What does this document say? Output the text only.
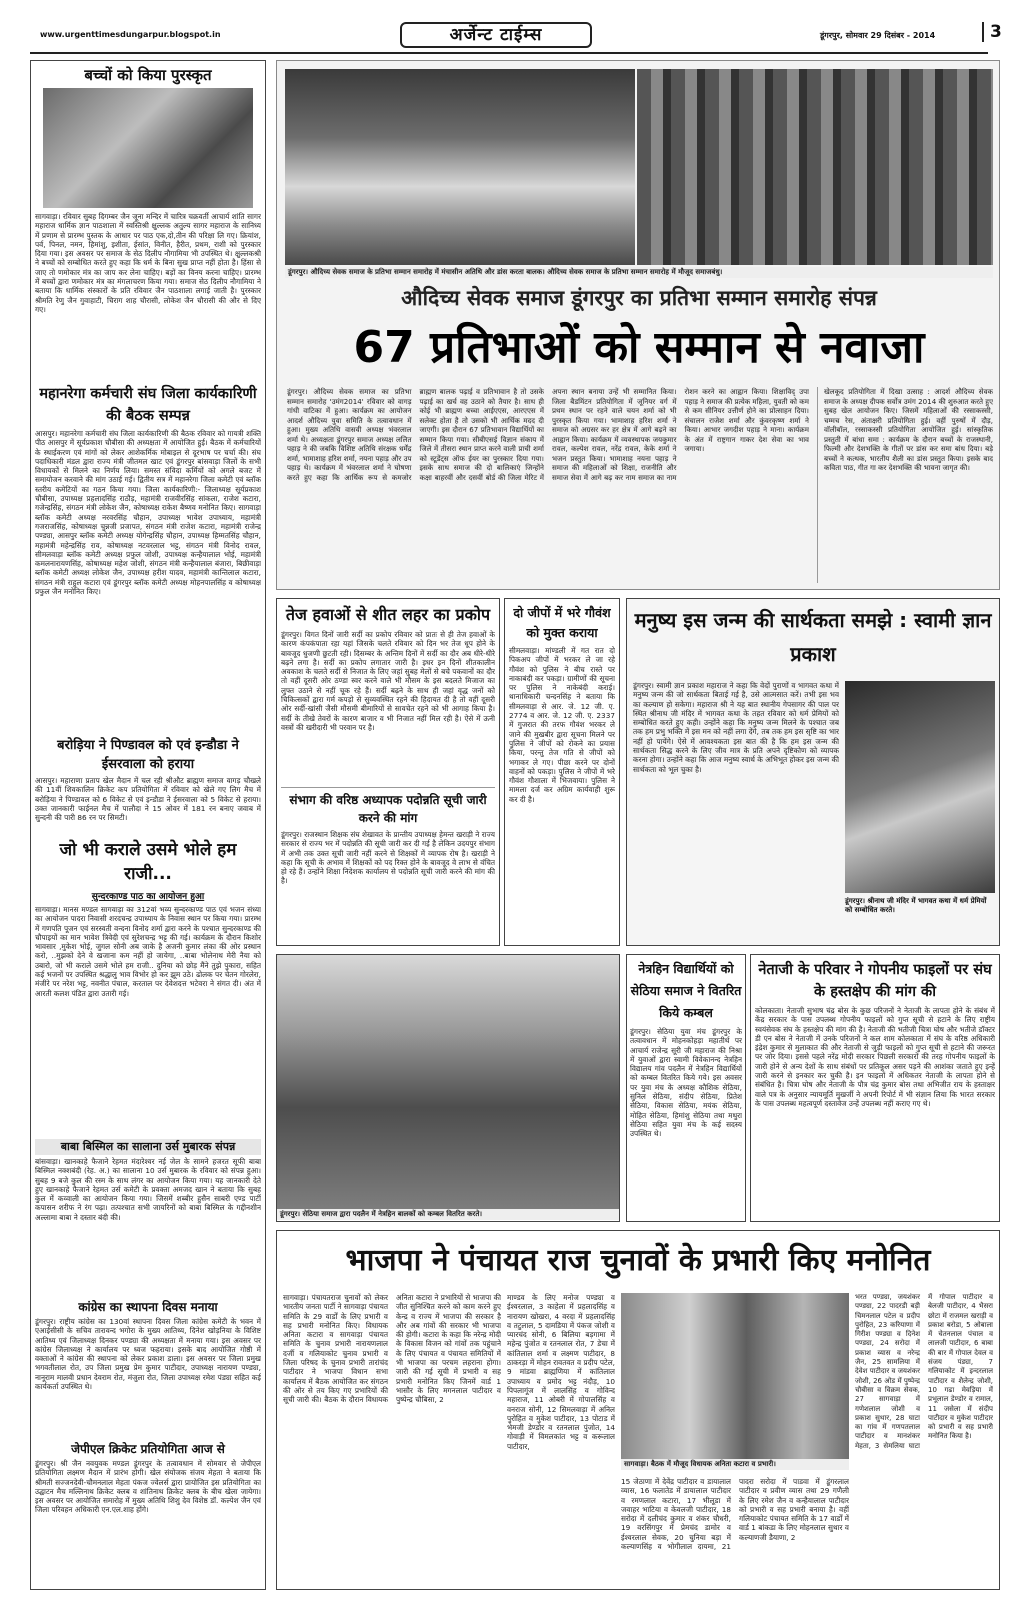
www.urgenttimesdungarpur.blogspot.in	अर्जेन्ट टाईम्स	डूंगरपुर, सोमवार 29 दिसंबर - 2014	3
बच्चों को किया पुरस्कृत
सागवाड़ा। रविवार सुबह दिगम्बर जैन जूना मन्दिर में चारित्र चक्रवर्ती आचार्य शांति सागर महाराज धार्मिक ज्ञान पाठशाला में स्वस्तिश्री क्षुल्लक अतुल्य सागर महाराज के सानिध्य में प्रणाम से प्रारम्भ पुस्तक के आधार पर पाठ एक,दो,तीन की परिक्षा लि गए। क्रियांश, पर्व, पिनल, नमन, हिमांशु, इशीता, ईसांत, विनीत, हैरीत, प्रथम, राशी को पुरस्कार दिया गया। इस अवसर पर समाज के सेठ दिलीप नौगामिया भी उपस्थित थे। क्षुल्लकश्री ने बच्चों को सम्बोधित करते हुए कहा कि धर्म के बिना सुख प्राप्त नहीं होता है। हिंसा से जाए तो णमोकार मंत्र का जाप कर लेना चाहिए। बड़ों का विनय करना चाहिए। प्रारम्भ में बच्चों द्वारा णमोकार मंत्र का मंगलाचरण किया गया। समाज सेठ दिलीप नौगामिया ने बताया कि धार्मिक संस्कारों के प्रति रविवार जैन पाठशाला लगाई जाती है। पुरस्कार श्रीमति रेणु जैन गुवाहाटी, चिराग शाह चौरासी, लोकेश जैन चौरासी की और से दिए गए।
महानरेगा कर्मचारी संघ जिला कार्यकारिणी की बैठक सम्पन्न
आसपुर। महानरेगा कर्मचारी संघ जिला कार्यकारिणी की बैठक रविवार को गायत्री शक्ति पीठ आसपुर में सूर्यप्रकाश चौबीसा की अध्यक्षता में आयोजित हुई। बैठक में कर्मचारियों के स्थाईकरण एवं मांगों को लेकर आशेकर्मिक मोबाइल से दूरभाष पर चर्चा की। संघ पदाधिकारी मंडल द्वारा राज्य मंत्री जीतमल खाट एवं डूंगरपुर बांसवाड़ा जिलों के सभी विधायकों से मिलने का निर्णय लिया। समस्त संविदा कर्मियों को अगले बजट में समायोजन करवाने की मांग उठाई गई। द्वितीय सत्र में महानरेगा जिला कमेटी एवं ब्लॉक स्तरीय कमेटियों का गठन किया गया। जिला कार्यकारिणी:- जिलाध्यक्ष सूर्यप्रकाश चौबीसा, उपाध्यक्ष प्रहलादसिंह राठौड़, महामंत्री राजवीरसिंह सांकला, राजेश कटारा, गजेन्द्रसिंह, संगठन मंत्री लोकेश जैन, कोषाध्यक्ष राकेश बैष्णव मनोनित किए। सागवाड़ा ब्लॉक कमेटी अध्यक्ष नरवरसिंह चौहान, उपाध्यक्ष भावेश उपाध्याय, महामंत्री गजराजसिंह, कोषाध्यक्ष चुन्नजी प्रजापत, संगठन मंत्री राजेश कटारा, महामंत्री राजेन्द्र पण्ड्या, आसपुर ब्लॉक कमेटी अध्यक्ष योगेन्द्रसिंह चौहान, उपाध्यक्ष हिम्मतसिंह चौहान, महामंत्री महेन्द्रसिंह राव, कोषाध्यक्ष नटवरलाल भट्ट, संगठन मंत्री विनोद रावल, सीमलवाड़ा ब्लॉक कमेटी अध्यक्ष प्रफुल जोशी, उपाध्यक्ष कन्हैयालाल भोई, महामंत्री कमलनारायणसिंह, कोषाध्यक्ष महेश जोशी, संगठन मंत्री कन्हैयालाल बंजारा, बिछीवाड़ा ब्लॉक कमेटी अध्यक्ष लोकेश जैन, उपाध्यक्ष हरीश यादव, महामंत्री कान्तिलाल कटारा, संगठन मंत्री राहुल कटारा एवं डूंगरपुर ब्लॉक कमेटी अध्यक्ष मोहनपालसिंह व कोषाध्यक्ष प्रफुल जैन मनोनित किए।
बरोड़िया ने पिण्डावल को एवं इन्डौडा ने ईसरवाला को हराया
आसपुर। महाराणा प्रताप खेल मैदान में चल रही श्रीऔट ब्राह्मण समाज वागड़ चौखले की 11वीं शिवकालिन क्रिकेट कप प्रतियोगिता में रविवार को खेले गए लिग मैच में बरोड़िया ने पिण्डावल को 6 विकेट से एवं इन्डौडा ने ईसरवाला को 5 विकेट से हराया। उक्त जानकारी फाईनल मैच में पालौदा ने 15 ओवर में 181 रन बनाए जवाब में सुन्दनी की पारी 86 रन पर सिमटी।
जो भी कराले उसमे भोले हम राजी...
सुन्दरकाण्ड पाठ का आयोजन हुआ
सागवाड़ा। मानस मण्डल सागवाड़ा का 312वां भव्य सुन्दरकाण्ड पाठ एवं भजन संध्या का आयोजन पादरा निवासी शरदचन्द्र उपाध्याय के निवास स्थान पर किया गया। प्रारम्भ में गणपति पूजन एवं सरस्वती वन्दना विनोद शर्मा द्वारा करने के पश्चात सुन्दरकाण्ड की चौपाइयों का मान भावेश त्रिवेदी एवं सुरेशचन्द्र भट्ट की गई। कार्यक्रम के दौरान किशोर भावसार ,मुकेश भोई, जुगल सोनी अब जाके है अजनी कुमार लंका की ओर प्रस्थान करो, ..मुझको देने वे खजाना कम नहीं हो जायेगा, ..बाबा भोलेनाथ मेरी नैया को उबारो, जो भी कराले उसमे भोले हम राजी.. दुनिया को छोड़ मैंने तुझे पुकारा, सहित कई भजनों पर उपस्थित श्रद्धालु भाव विभोर हो कर झूम उठे। ढोलक पर चेतन गोरलेरा, मंजीरे पर नरेश भट्ट, नवनीत पंचाल, करताल पर देवेशदत्त भटेवरा ने संगत दी। अंत में आरती कलश पंडित द्वारा उतारी गई।
बाबा बिस्मिल का सालाना उर्स मुबारक संपन्न
बांसवाड़ा। खानकाहे फैजाने रेहमत मंदारेश्वर नई जेल के सामने हजरत सूफी बाबा बिस्मिल नक्शबंदी (रेह. अ.) का सालाना 10 उर्स मुबारक के रविवार को संपन्न हुआ। सुबह 9 बजे कुल की रस्म के साथ लंगर का आयोजन किया गया। यह जानकारी देते हुए खानकाहे फैजाने रेहमत उर्स कमेटी के प्रवक्ता अमजद खान ने बताया कि सुबह कुल में कव्वाली का आयोजन किया गया। जिसमें शब्बीर हुसैन साबरी एण्ड पार्टी कपासन शरीफ ने रंग पढ़ा। तत्पश्चात सभी जायरिनों को बाबा बिस्मिल के गद्दीनशीन अल्लामा बाबा ने दस्तार बंदी की।
कांग्रेस का स्थापना दिवस मनाया
डूंगरपुर। राष्ट्रीय कांग्रेस का 130वां स्थापना दिवस जिला कांग्रेस कमेटी के भवन में एआईसीसी के सचिव तारावन्द भगोरा के मुख्य आतिथ्य, दिनेश खोड़निया के विशिष्ट आतिथ्य एवं जिलाध्यक्ष दिनकर पण्ड्या की अध्यक्षता में मनाया गया। इस अवसर पर कांग्रेस जिलाध्यक्ष ने कार्यालय पर ध्वज फहराया। इसके बाद आयोजित गोष्ठी में वक्ताओं ने कांग्रेस की स्थापना को लेकर प्रकाश डाला। इस अवसर पर जिला प्रमुख भगवतीलाल रोत, उप जिला प्रमुख प्रेम कुमार पाटीदार, उपाध्यक्ष नारायण पण्ड्या, नानूराम मालवी प्रधान देवराम रोत, मंजुला रोत, जिला उपाध्यक्ष रमेश पंड्या सहित कई कार्यकर्ता उपस्थित थे।
जेपीएल क्रिकेट प्रतियोगिता आज से
डूंगरपुर। श्री जैन नवयुवक मण्डल डूंगरपुर के तत्वावधान में सोमवार से जेपीएल प्रतियोगिता लक्ष्मण मैदान में प्रारंभ होगी। खेल संयोजक संजय मेहता ने बताया कि श्रीमती सज्जनदेवी-चौमनलाल मेहता पंकज ज्वेलर्स द्वारा प्रायोजित इस प्रतियोगिता का उद्घाटन मैच मल्लिनाथ क्रिकेट क्लब व शांतिनाथ क्रिकेट क्लब के बीच खेला जायेगा। इस अवसर पर आयोजित समारोह में मुख्य अतिथि शिशु देव विशेष्ठ डॉ. कल्पेश जैन एवं जिला परिवहन अधिकारी एन.एल.शाह होंगे।
डूंगरपुर। औदिच्य सेवक समाज के प्रतिभा सम्मान समारोह में मंचासीन अतिथि और डांस करता बालक। औदिच्य सेवक समाज के प्रतिभा सम्मान समारोह में मौजूद समाजबंधु।
औदिच्य सेवक समाज डूंगरपुर का प्रतिभा सम्मान समारोह संपन्न
67 प्रतिभाओं को सम्मान से नवाजा
डूंगरपुर। औदिच्य सेवक समाज का प्रतिभा सम्मान समारोह 'उमंग2014' रविवार को वागड़ गांधी वाटिका में हुआ। कार्यक्रम का आयोजन आदर्श औदिच्य युवा समिति के तत्वावधान में हुआ। मुख्य अतिथि वासवी अध्यक्ष भंवरलाल शर्मा थे। अध्यक्षता डूंगरपुर समाज अध्यक्ष ललित पहाड़ ने की जबकि विशिष्ट अतिथि संरक्षक धर्मेंद्र शर्मा, भामाशाह हरिश शर्मा, नयना पहाड़ और उप पहाड़ थे। कार्यक्रम में भंवरलाल शर्मा ने घोषणा करते हुए कहा कि आर्थिक रूप से कमजोर ब्राह्मण बालक पढ़ाई व प्रतिभावान है तो उसके पढ़ाई का खर्च वह उठाने को तैयार है। साथ ही कोई भी ब्राह्मण बच्चा आईएएस, आरएएस में सलेक्ट होता है तो उसको भी आर्थिक मदद दी जाएगी। इस दौरान 67 प्रतिभावान विद्यार्थियों का सम्मान किया गया। सीबीएसई विज्ञान संकाय में जिले में तीसरा स्थान प्राप्त करने वाली प्राची शर्मा को स्टूडेंट्स ऑफ ईयर का पुरस्कार दिया गया। इसके साथ समाज की दो बालिकाएं जिन्होंने कक्षा बाहरवीं और दसवीं बोर्ड की जिला मेरिट में अपना स्थान बनाया उन्हें भी सम्मानित किया। जिला बैडमिंटन प्रतियोगिता में जूनियर वर्ग में प्रथम स्थान पर रहने वाले चयन शर्मा को भी पुरस्कृत किया गया। भामाशाह हरिश शर्मा ने समाज को अग्रसर कर हर क्षेत्र में आगे बढ़ने का आह्वान किया। कार्यक्रम में व्यवस्थापक जयकुमार रावल, कल्पेश रावल, नरेंद्र रावल, केके शर्मा ने भजन प्रस्तुत किया। भामाशाह नयना पहाड़ ने समाज की महिलाओं को शिक्षा, राजनीति और समाज सेवा में आगे बढ़ कर नाम समाज का नाम रोशन करने का आह्वान किया। शिक्षाविद् उपा पहाड़ ने समाज की प्रत्येक महिला, युवती को कम से कम सीनियर उत्तीर्ण होने का प्रोत्साहन दिया। संचालन राजेश शर्मा और कुंवरकृष्ण शर्मा ने किया। आभार जगदीश पहाड़ ने माना। कार्यक्रम के अंत में राष्ट्रगान गाकर देश सेवा का भाव जगाया।
खेलकूद प्रतियोगिता में दिखा उत्साह : आदर्श औदिच्य सेवक समाज के अध्यक्ष दीपक सर्वोत्र उमंग 2014 की शुरुआत करते हुए सुबह खेल आयोजन किए। जिसमें महिलाओं की रस्साकस्सी, चम्मच रेस, अंताक्षरी प्रतियोगिता हुई। वहीं पुरुषों में दौड़, वॉलीबॉल, रस्साकस्सी प्रतियोगिता आयोजित हुई। सांस्कृतिक प्रस्तुती में बांधा समा : कार्यक्रम के दौरान बच्चों के राजस्थानी, फिल्मी और देशभक्ति के गीतों पर डांस कर समा बांध दिया। बड़े बच्चों ने कत्थक, भारतीय शैली का डांस प्रस्तुत किया। इसके बाद कविता पाठ, गीत गा कर देशभक्ति की भावना जागृत की।
तेज हवाओं से शीत लहर का प्रकोप
डूंगरपुर। विगत दिनों जारी सर्दी का प्रकोप रविवार को प्रातः से ही तेज हवाओं के कारण कंपकंपाता रहा यहां जिसके चलते रविवार को दिन भर तेज धूप होने के बावजूद धुजणी छुटती रही। दिसम्बर के अन्तिम दिनों में सर्दी का दौर अब धीरे-धीरे बढ़ने लगा है। सर्दी का प्रकोप लगातार जारी है। इधर इन दिनों शीतकालीन अवकाश के चलते सर्दी से निजात के लिए जहां सुबह मेलों से बचे पकवानों का दौर तो वहीं दूसरी ओर ठण्डा स्वर करने वाले भी मौसम के इस बदलते मिजाज का लुफ्त उठाने से नहीं चूक रहे हैं। सर्दी बढ़ने के साथ ही जहां वृद्ध जनों को चिकित्सकों द्वारा गर्म कपड़ो से सुव्यवस्थित रहने की हिदायत दी है तो वहीं दूसरी ओर सर्दी-खांसी जैसी मौसमी बीमारियों से सावचेत रहने को भी आगाह किया है। सर्दी के तीखे तेवरों के कारण बाजार व भी निजात नहीं मिल रही है। ऐसे में ऊनी वस्त्रों की खरीदारी भी परवान पर है।
संभाग की वरिष्ठ अध्यापक पदोन्नति सूची जारी करने की मांग
डूंगरपुर। राजस्थान शिक्षक संघ शेखावत के प्रान्तीय उपाध्यक्ष हेमन्त खराड़ी ने राज्य सरकार से राज्य भर में पदोन्नति की सूची जारी कर दी गई है लेकिन उदयपुर संभाग में अभी तक उक्त सूची जारी नहीं करने से शिक्षकों में व्यापक रोष है। खराड़ी ने कहा कि सूची के अभाव में शिक्षकों को पद रिक्त होने के बावजूद वे लाभ से वंचित हो रहे हैं। उन्होंने शिक्षा निदेशक कार्यालय से पदोन्नति सूची जारी करने की मांग की है।
दो जीपों में भरे गौवंश को मुक्त कराया
सीमलवाड़ा। मांण्डली में गत रात दो पिकअप जीपों में भरकर ले जा रहे गौवंश को पुलिस ने बीच रास्ते पर नाकाबंदी कर पकड़ा। ग्रामीणों की सूचना पर पुलिस ने नाकेबंदी कराई। थानाधिकारी चन्दनसिंह ने बताया कि सीमलवाड़ा से आर. जे. 12 जी. ए. 2774 व आर. जे. 12 जी. ए. 2337 में गुजरात की तरफ गौवंश भरकर ले जाने की मुखबीर द्वारा सूचना मिलने पर पुलिस ने जीपों को रोकने का प्रयास किया, परन्तु तेज गति से जीपों को भगाकर ले गए। पीछा करने पर दोनों वाहनों को पकड़ा। पुलिस ने जीपों में भरे गौवंश गौशाला में भिजवाया। पुलिस ने मामला दर्ज कर अग्रिम कार्यवाही शुरू कर दी है।
मनुष्य इस जन्म की सार्थकता समझे : स्वामी ज्ञान प्रकाश
डूंगरपुर। स्वामी ज्ञान प्रकाश महाराज ने कहा कि वेदों पुराणों व भागवत कथा में मनुष्य जन्म की जो सार्थकता बिताई गई है, उसे आत्मसात करें। तभी इस भव का कल्याण हो सकेगा। महाराज श्री ने यह बात स्थानीय गेपसागर की पाल पर स्थित श्रीनाथ जी मंदिर में भागवत कथा के तहत रविवार को धर्म प्रेमियों को सम्बोधित करते हुए कही। उन्होंने कहा कि मनुष्य जन्म मिलने के पश्चात जब तक हम प्रभु भक्ति में इस मन को नहीं लगा देंगे, तब तक हम इस सृष्टि का भार नहीं हो पायेंगे। ऐसे में आवश्यकता इस बात की है कि हम इस जन्म की सार्थकता सिद्ध करने के लिए जीव मात्र के प्रति अपने दृष्टिकोण को व्यापक करना होगा। उन्होंने कहा कि आज मनुष्य स्वार्थ के अभिभूत होकर इस जन्म की सार्थकता को भूल चुका है।
डूंगरपुर। श्रीनाथ जी मंदिर में भागवत कथा में धर्म प्रेमियों को सम्बोधित करते।
डूंगरपुर। सेठिया समाज द्वारा पदलैन में नेत्रहिन बालकों को कम्बल वितरित करते।
नेत्रहिन विद्यार्थियों को सेठिया समाज ने वितरित किये कम्बल
डूंगरपुर। सेठिया युवा मंच डूंगरपुर के तत्वावधान में मोहनकोहड़ा महातीर्थ पर आचार्य राजेन्द्र सूरी जी महाराज की निश्रा में युवाओं द्वारा स्वामी विवेकानन्द नेत्रहिन विद्यालय गांव पदलैन में नेत्रहिन विद्यार्थियों को कम्बल वितरित किये गये। इस अवसर पर युवा मंच के अध्यक्ष कौशिक सेठिया, सुनिल सेठिया, संदीप सेठिया, प्रितेश सेठिया, विकास सेठिया, मयंक सेठिया, मोहित सेठिया, हिमांशु सेठिया तथा मथुरा सेठिया सहित युवा मंच के कई सदस्य उपस्थित थे।
नेताजी के परिवार ने गोपनीय फाइलों पर संघ के हस्तक्षेप की मांग की
कोलकाता। नेताजी सुभाष चंद्र बोस के कुछ परिजनों ने नेताजी के लापता होने के संबंध में केंद्र सरकार के पास उपलब्ध गोपनीय फाइलों को गुप्त सूची से हटाने के लिए राष्ट्रीय स्वयंसेवक संघ के हस्तक्षेप की मांग की है। नेताजी की भतीजी चित्रा घोष और भतीजे डॉक्टर डी एन बोस ने नेताजी में उनके परिजनों ने कल शाम कोलकाता में संघ के वरिष्ठ अधिकारी इंद्रेश कुमार से मुलाकात की और नेताजी से जुड़ी फाइलों को गुप्त सूची से हटाने की जरूरत पर जोर दिया। इससे पहले नरेंद्र मोदी सरकार पिछली सरकारों की तरह गोपनीय फाइलों के जारी होने से अन्य देशों के साथ संबंधों पर प्रतिकूल असर पड़ने की आशंका जताते हुए इन्हें जारी करने से इनकार कर चुकी है। इन फाइलों में अधिकतर नेताजी के लापता होने से संबंधित है। चित्रा घोष और नेताजी के पौत्र चंद्र कुमार बोस तथा अभिजीत राय के हस्ताक्षर वाले पत्र के अनुसार न्यायमूर्ति मुखर्जी ने अपनी रिपोर्ट में भी संज्ञान लिया कि भारत सरकार के पास उपलब्ध महत्वपूर्ण दस्तावेज उन्हें उपलब्ध नहीं कराए गए थे।
भाजपा ने पंचायत राज चुनावों के प्रभारी किए मनोनित
सागवाड़ा। पंचायतराज चुनावों को लेकर भारतीय जनता पार्टी ने सागवाड़ा पंचायत समिति के 29 वार्डों के लिए प्रभारी व सह प्रभारी मनोनित किए। विधायक अनिता कटारा व सागवाड़ा पंचायत समिति के चुनाव प्रभारी नारायणलाल दर्जी व गलियाकोट चुनाव प्रभारी व जिला परिषद के चुनाव प्रभारी तारांचंद पाटीदार ने भाजपा विधान सभा कार्यालय में बैठक आयोजित कर संगठन की ओर से तय किए गए प्रभारियों की सूची जारी की। बैठक के दौरान विधायक अनिता कटारा ने प्रभारियों से भाजपा की जीत सुनिश्चित करने को काम करने हुए केन्द्र व राज्य में भाजपा की सरकार है और अब गांवों की सरकार भी भाजपा की होगी। कटारा के कहा कि नरेन्द्र मोदी के विकास विजन को गांवों तक पहुंचाने के लिए पंचायत व पंचायत समितियों में भी भाजपा का परचम लहराना होगा। जारी की गई सूची में प्रभारी व सह प्रभारी मनोनित किए जिनमें वार्ड 1 भासौर के लिए मगनलाल पाटीदार व पुष्पेन्द्र चौबिसा, 2
माण्डव के लिए मनोज पण्ड्या व ईश्वरलाल, 3 काहेला में प्रहलादसिंह व नारायण खोखरा, 4 वरदा में प्रहलादसिंह व तटुलाल, 5 दामडिया में पंकज जोशी व प्यारचंद सोनी, 6 बिलिया बड़गामा में महेन्द्र पुंजोत व रतनलाल रोत, 7 डेचा में कांतिलाल शर्मा व लक्ष्मण पाटीदार, 8 ठाकरड़ा में मोहन रावतवत व प्रदीप पटेल, 9 मांडवा ब्राह्मणिया में कांतिलाल उपाध्याय व प्रमोद भट्ट नंदौड़, 10 पिपलागूंज में लालसिंह व गोविन्द महाराज, 11 ओबरी में गोपालसिंह व वनराज सोनी, 12 सिमलवाड़ा में अनिल पुरोहित व मुकेश पाटीदार, 13 पोटाड में भेमजी डेण्डोर व रतनलाल पुंजोत, 14 गोवाड़ी में विमलकांत भट्ट व करूलाल पाटीदार,
सागवाड़ा। बैठक में मौजूद विधायक अनिता कटारा व प्रभारी।
15 जेठाणा में देवेंद्र पाटीदार व डायालाल व्यास, 16 फलातेड में डायालाल पाटीदार व रमणलाल कटारा, 17 भीलूडा में जवाहर भाटिया व केवलजी पाटीदार, 18 सरोदा में दलीचंद कुमार व शंकर चौधरी, 19 वरसिंगपुर में प्रेमचंद डामोर व ईश्वरलाल सेवक, 20 चुनिया बड़ा में कल्याणसिंह व भोगीलाल दायमा, 21 पादरा सरोदा में पाडवा में डूंगरलाल पाटीदार व प्रवीण व्यास तथा 29 गणैली के लिए रमेश जैन व कन्हैयालाल पाटीदार को प्रभारी व सह प्रभारी बनाया है। वहीं गलियाकोट पंचायत समिति के 17 वार्डों में वार्ड 1 बांकडा के लिए मोहनलाल सुथार व कल्याणजी डैयाणा, 2
भरत पण्ड्या, जयशंकर पण्ड्या, 22 पादरडी बड़ी चिमनलाल पटेल व प्रदीप पुरोहित, 23 करियाणा में गिरीश पण्ड्या व दिनेश पण्ड्या, 24 सरोदा में प्रकाश व्यास व नरेन्द्र जैन, 25 सामलिया में देवेश पाटीदार व जयशंकर जोशी, 26 ओड में पुष्पेन्द्र चौबीसा व विक्रम सेवक, 27 सागवाड़ा में गणेशलाल जोशी व प्रकाश सुथार, 28 घाटा का गांव में गणपतलाल पाटीदार व मानशंकर मेहता, 3 सेमलिया घाटा में गोपाल पाटीदार व बेलजी पाटीदार, 4 भैसरा छोटा में राजमल खराड़ी व प्रकाश बरोडा, 5 ओबाला में चेतनलाल पंचाल व लालजी पाटीदार, 6 बाबा की बार में गोपाल देवल व संजय पंड्या, 7 गलियाकोट में इन्दरलाल पाटीदार व शैलेन्द्र जोशी, 10 गढा मेवड़िया में प्रभूलाल डेण्डोर व रामाल, 11 जसेला में संदीप पाटीदार व मुकेश पाटीदार को प्रभारी व सह प्रभारी मनोनित किया है।
